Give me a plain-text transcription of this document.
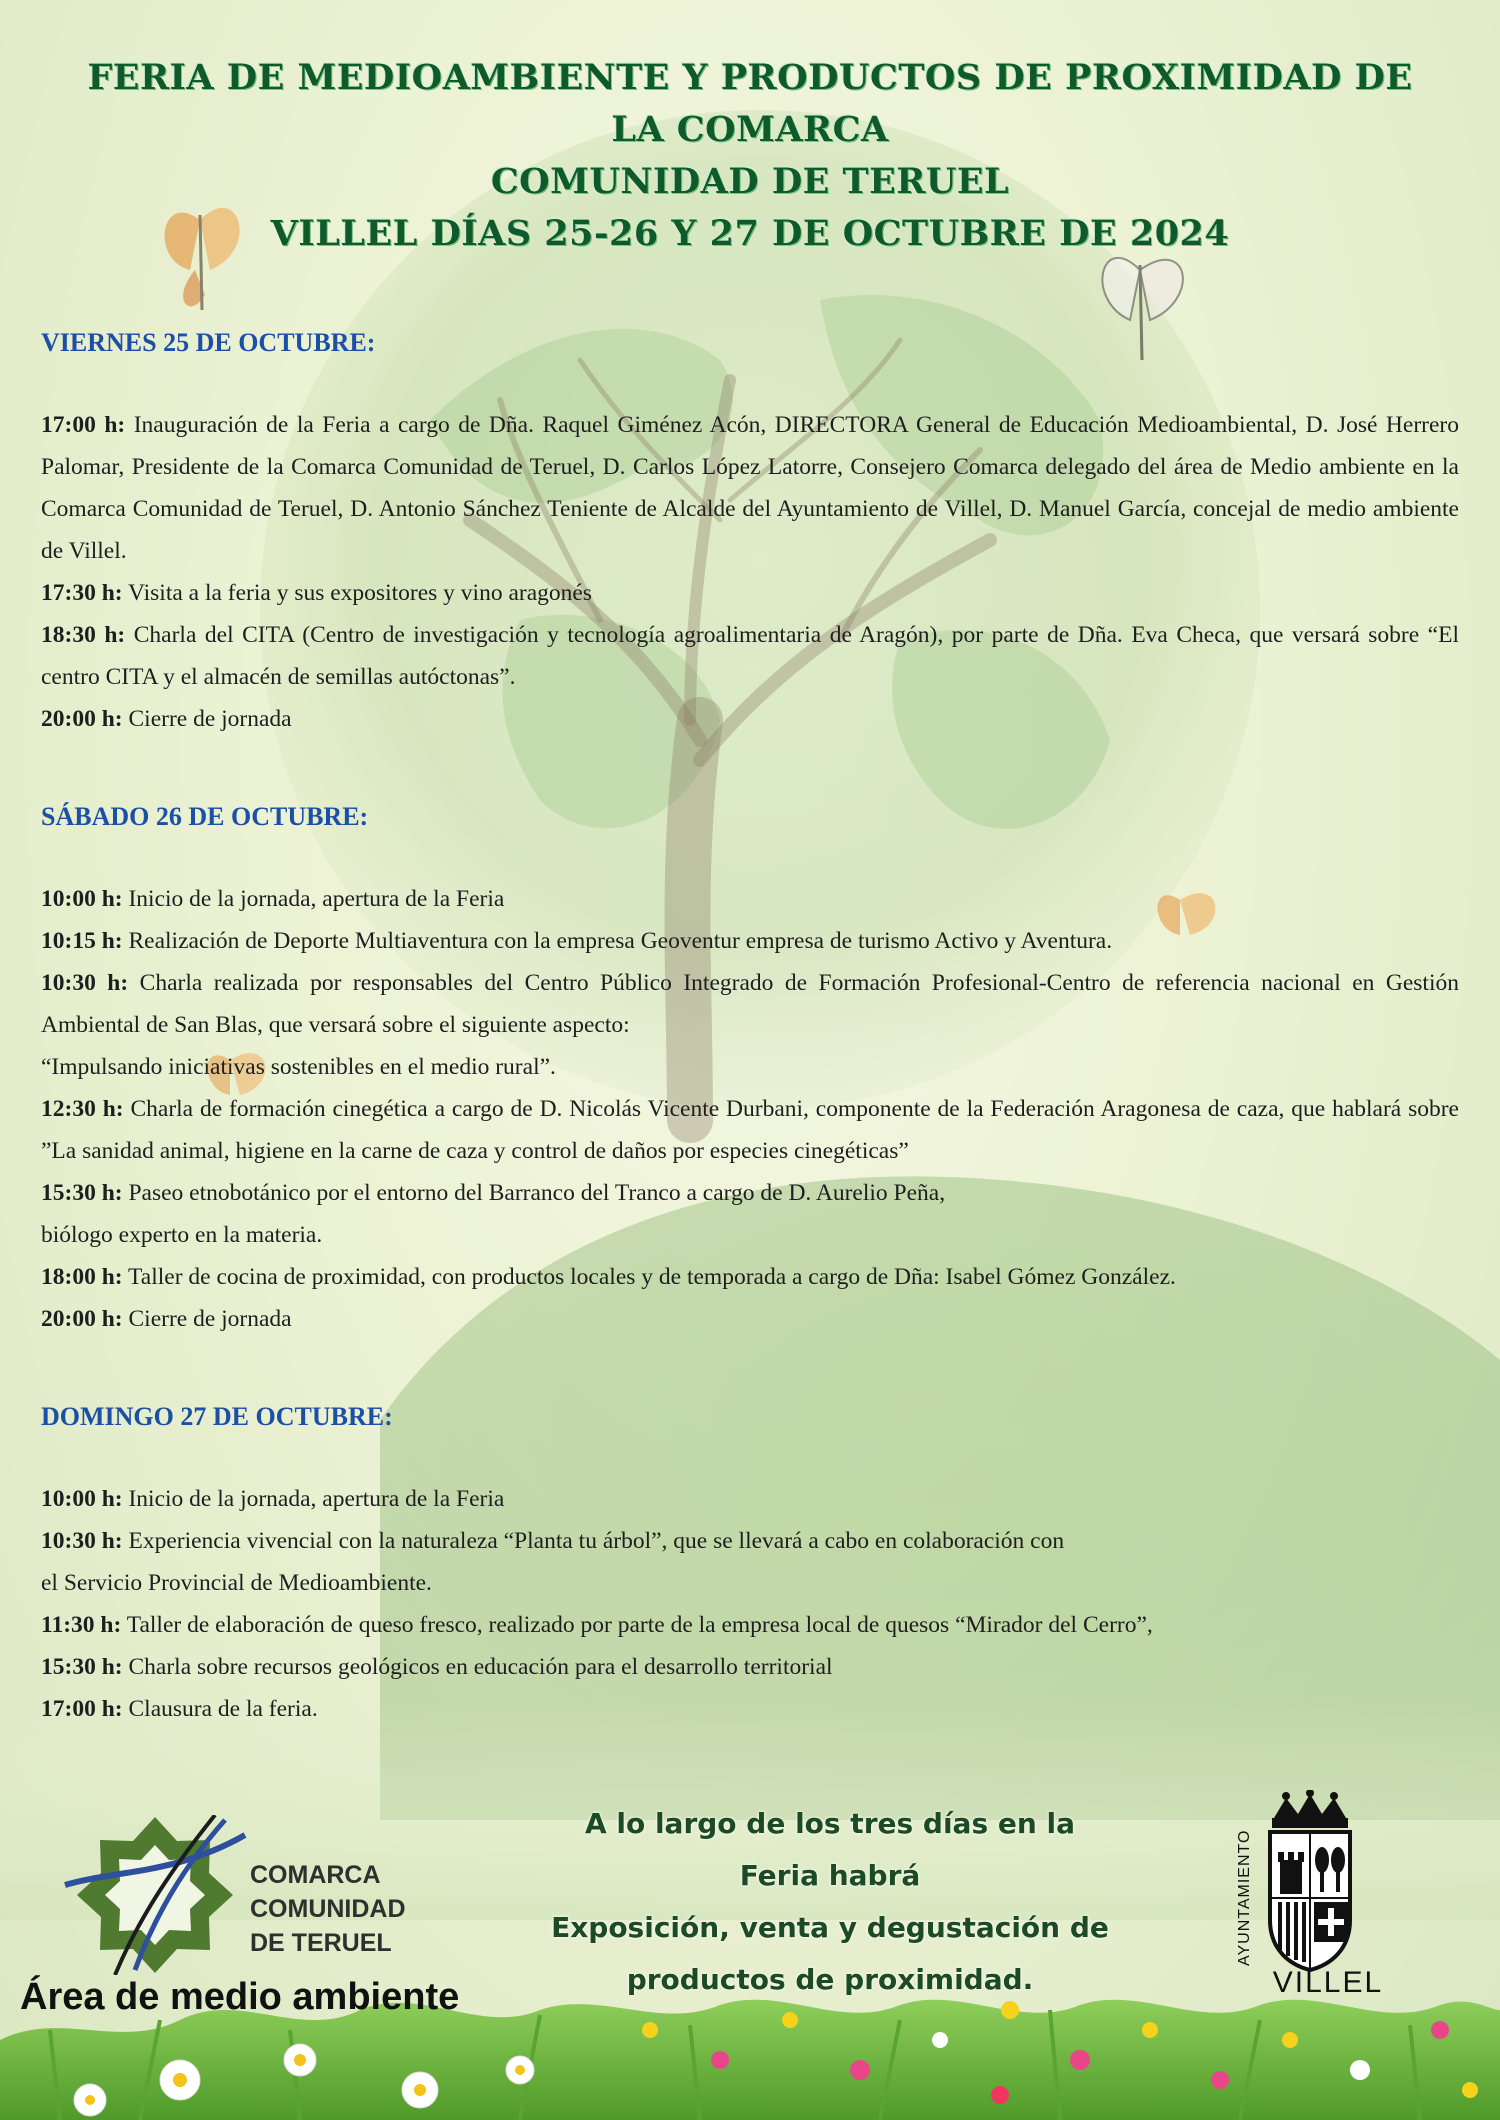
FERIA DE MEDIOAMBIENTE Y PRODUCTOS DE PROXIMIDAD DE
LA COMARCA
COMUNIDAD DE TERUEL
VILLEL DÍAS 25-26 Y 27 DE OCTUBRE DE 2024
VIERNES 25 DE OCTUBRE:

17:00 h: Inauguración de la Feria a cargo de Dña. Raquel Giménez Acón, DIRECTORA General de Educación Medioambiental, D. José Herrero Palomar, Presidente de la Comarca Comunidad de Teruel, D. Carlos López Latorre, Consejero Comarca delegado del área de Medio ambiente en la Comarca Comunidad de Teruel, D. Antonio Sánchez Teniente de Alcalde del Ayuntamiento de Villel, D. Manuel García, concejal de medio ambiente de Villel.

17:30 h: Visita a la feria y sus expositores y vino aragonés

18:30 h: Charla del CITA (Centro de investigación y tecnología agroalimentaria de Aragón), por parte de Dña. Eva Checa, que versará sobre “El centro CITA y el almacén de semillas autóctonas”.

20:00 h: Cierre de jornada

SÁBADO 26 DE OCTUBRE:

10:00 h: Inicio de la jornada, apertura de la Feria

10:15 h: Realización de Deporte Multiaventura con la empresa Geoventur empresa de turismo Activo y Aventura.

10:30 h: Charla realizada por responsables del Centro Público Integrado de Formación Profesional-Centro de referencia nacional en Gestión Ambiental de San Blas, que versará sobre el siguiente aspecto:

“Impulsando iniciativas sostenibles en el medio rural”.

12:30 h: Charla de formación cinegética a cargo de D. Nicolás Vicente Durbani, componente de la Federación Aragonesa de caza, que hablará sobre ”La sanidad animal, higiene en la carne de caza y control de daños por especies cinegéticas”

15:30 h: Paseo etnobotánico por el entorno del Barranco del Tranco a cargo de D. Aurelio Peña,

biólogo experto en la materia.

18:00 h: Taller de cocina de proximidad, con productos locales y de temporada a cargo de Dña: Isabel Gómez González.

20:00 h: Cierre de jornada

DOMINGO 27 DE OCTUBRE:

10:00 h: Inicio de la jornada, apertura de la Feria

10:30 h: Experiencia vivencial con la naturaleza “Planta tu árbol”, que se llevará a cabo en colaboración con

el Servicio Provincial de Medioambiente.

11:30 h: Taller de elaboración de queso fresco, realizado por parte de la empresa local de quesos “Mirador del Cerro”,

15:30 h: Charla sobre recursos geológicos en educación para el desarrollo territorial

17:00 h: Clausura de la feria.

COMARCA
COMUNIDAD
DE TERUEL
Área de medio ambiente
A lo largo de los tres días en la
Feria habrá
Exposición, venta y degustación de
productos de proximidad.
AYUNTAMIENTO
VILLEL
